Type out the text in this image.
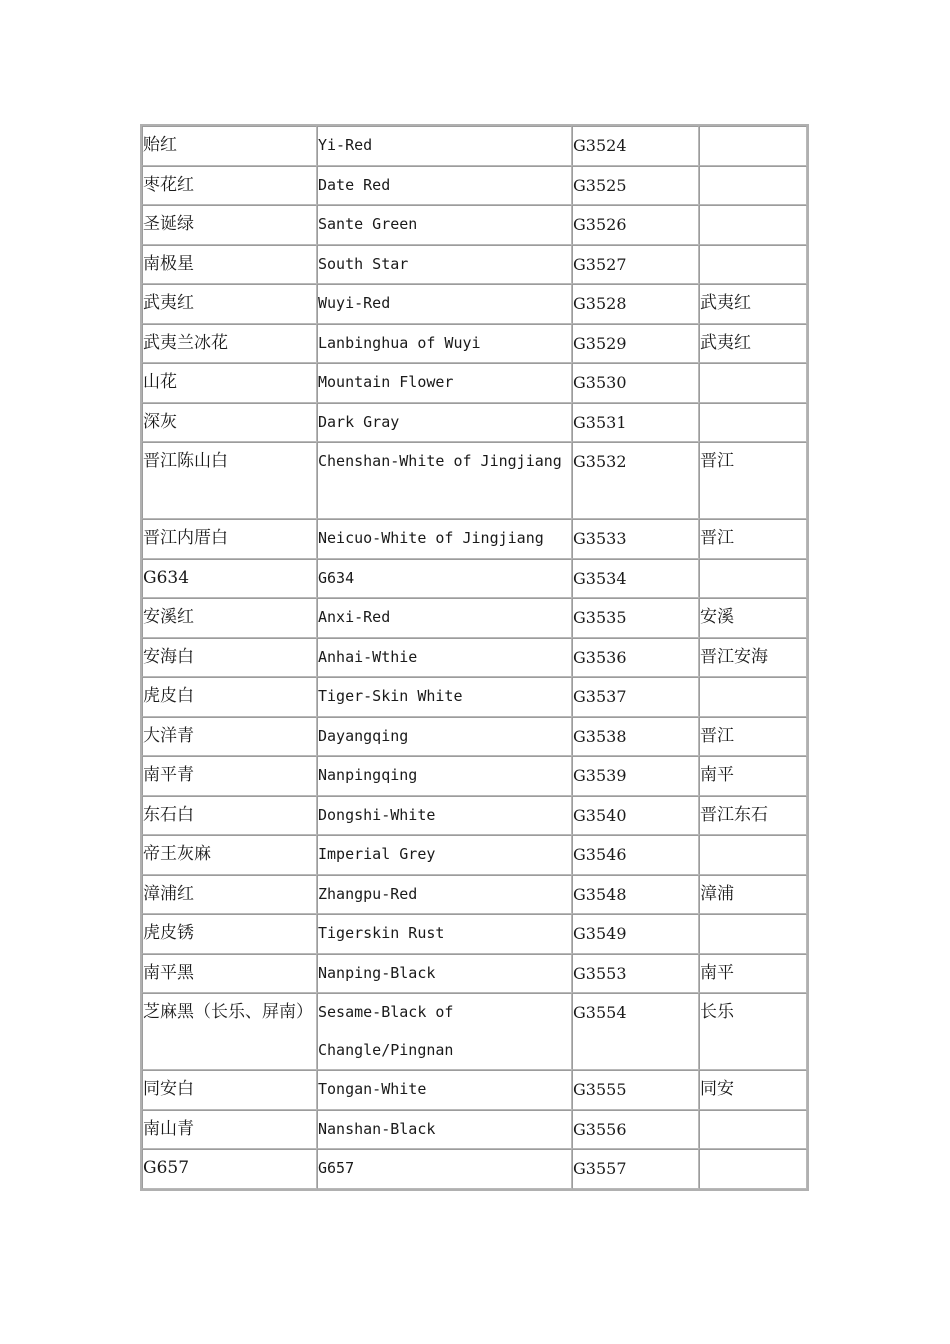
贻红	Yi-Red	G3524	
枣花红	Date Red	G3525	
圣诞绿	Sante Green	G3526	
南极星	South Star	G3527	
武夷红	Wuyi-Red	G3528	武夷红
武夷兰冰花	Lanbinghua of Wuyi	G3529	武夷红
山花	Mountain Flower	G3530	
深灰	Dark Gray	G3531	
晋江陈山白	Chenshan-White of Jingjiang	G3532	晋江
晋江内厝白	Neicuo-White of Jingjiang	G3533	晋江
G634	G634	G3534	
安溪红	Anxi-Red	G3535	安溪
安海白	Anhai-Wthie	G3536	晋江安海
虎皮白	Tiger-Skin White	G3537	
大洋青	Dayangqing	G3538	晋江
南平青	Nanpingqing	G3539	南平
东石白	Dongshi-White	G3540	晋江东石
帝王灰麻	Imperial Grey	G3546	
漳浦红	Zhangpu-Red	G3548	漳浦
虎皮锈	Tigerskin Rust	G3549	
南平黑	Nanping-Black	G3553	南平
芝麻黑（长乐、屏南）	Sesame-Black of Changle/Pingnan	G3554	长乐
同安白	Tongan-White	G3555	同安
南山青	Nanshan-Black	G3556	
G657	G657	G3557	
